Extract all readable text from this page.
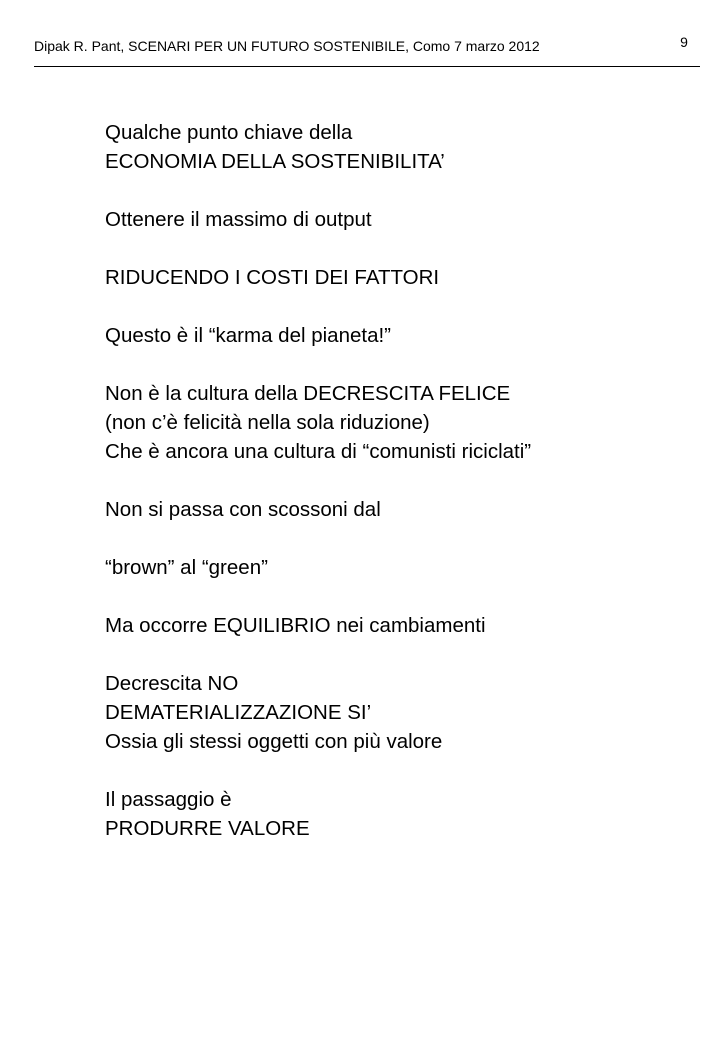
Dipak R. Pant, SCENARI PER UN FUTURO SOSTENIBILE, Como 7 marzo 2012	9
Qualche punto chiave della
ECONOMIA DELLA SOSTENIBILITA’
Ottenere il massimo di output
RIDUCENDO I COSTI DEI FATTORI
Questo è il “karma del pianeta!”
Non è la cultura della DECRESCITA FELICE
(non c’è felicità nella sola riduzione)
Che è ancora una cultura di “comunisti riciclati”
Non si passa con scossoni dal
“brown” al “green”
Ma occorre EQUILIBRIO nei cambiamenti
Decrescita NO
DEMATERIALIZZAZIONE SI’
Ossia gli stessi oggetti con più valore
Il passaggio è
PRODURRE VALORE
